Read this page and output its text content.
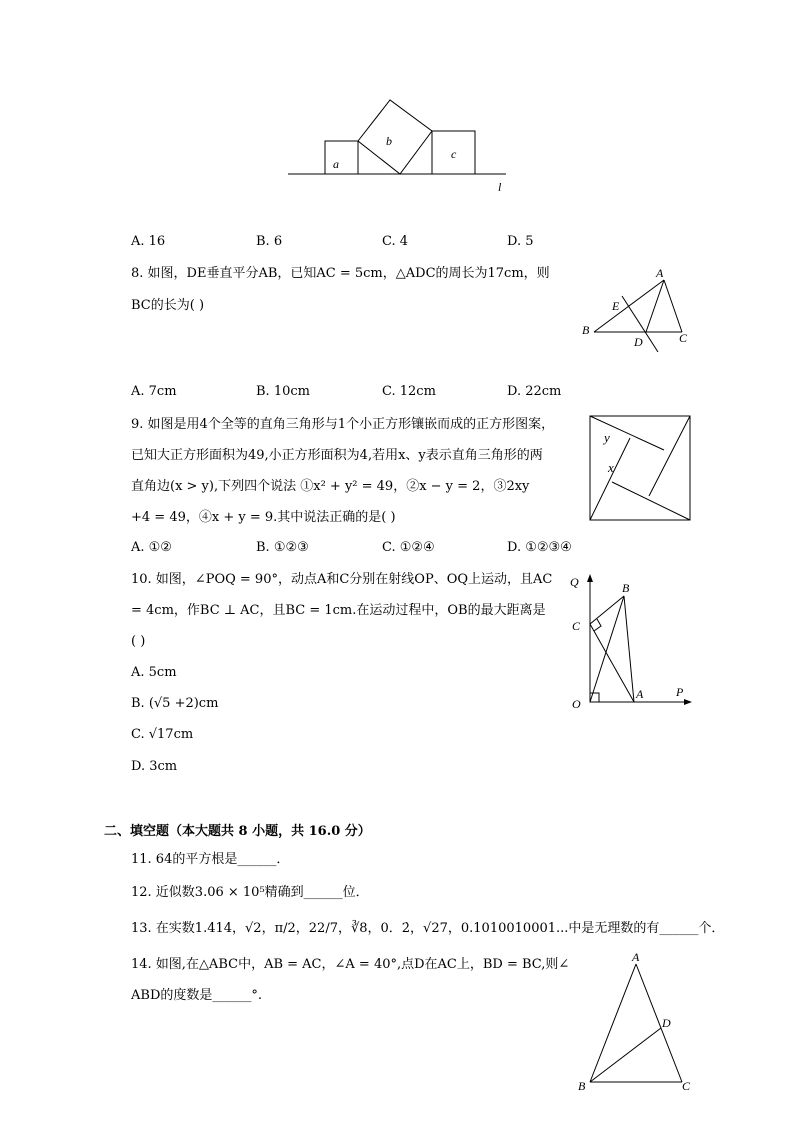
a
b
c
l
A. 16	B. 6	C. 4	D. 5
8. 如图，DE垂直平分AB，已知AC = 5cm，△ADC的周长为17cm，则
BC的长为( )
A
E
B
D	C
A. 7cm	B. 10cm	C. 12cm	D. 22cm
9. 如图是用4个全等的直角三角形与1个小正方形镶嵌而成的正方形图案，
已知大正方形面积为49,小正方形面积为4,若用x、y表示直角三角形的两
直角边(x > y),下列四个说法 ①x² + y² = 49，②x − y = 2，③2xy
+4 = 49，④x + y = 9.其中说法正确的是( )
y
x
A. ①②	B. ①②③	C. ①②④	D. ①②③④
10. 如图，∠POQ = 90°，动点A和C分别在射线OP、OQ上运动，且AC
= 4cm，作BC ⊥ AC，且BC = 1cm.在运动过程中，OB的最大距离是
( )
A. 5cm
B. (√5 +2)cm
C. √17cm
D. 3cm
Q	B
C
O
A	P
二、填空题（本大题共 8 小题，共 16.0 分）
11. 64的平方根是______．
12. 近似数3.06 × 10⁵精确到______位．
13. 在实数1.414，√2，π/2，22/7，∛8，0．2̇，√27，0.1010010001...中是无理数的有______个．
14. 如图,在△ABC中，AB = AC，∠A = 40°,点D在AC上，BD = BC,则∠
ABD的度数是______°.
A
D
B	C
